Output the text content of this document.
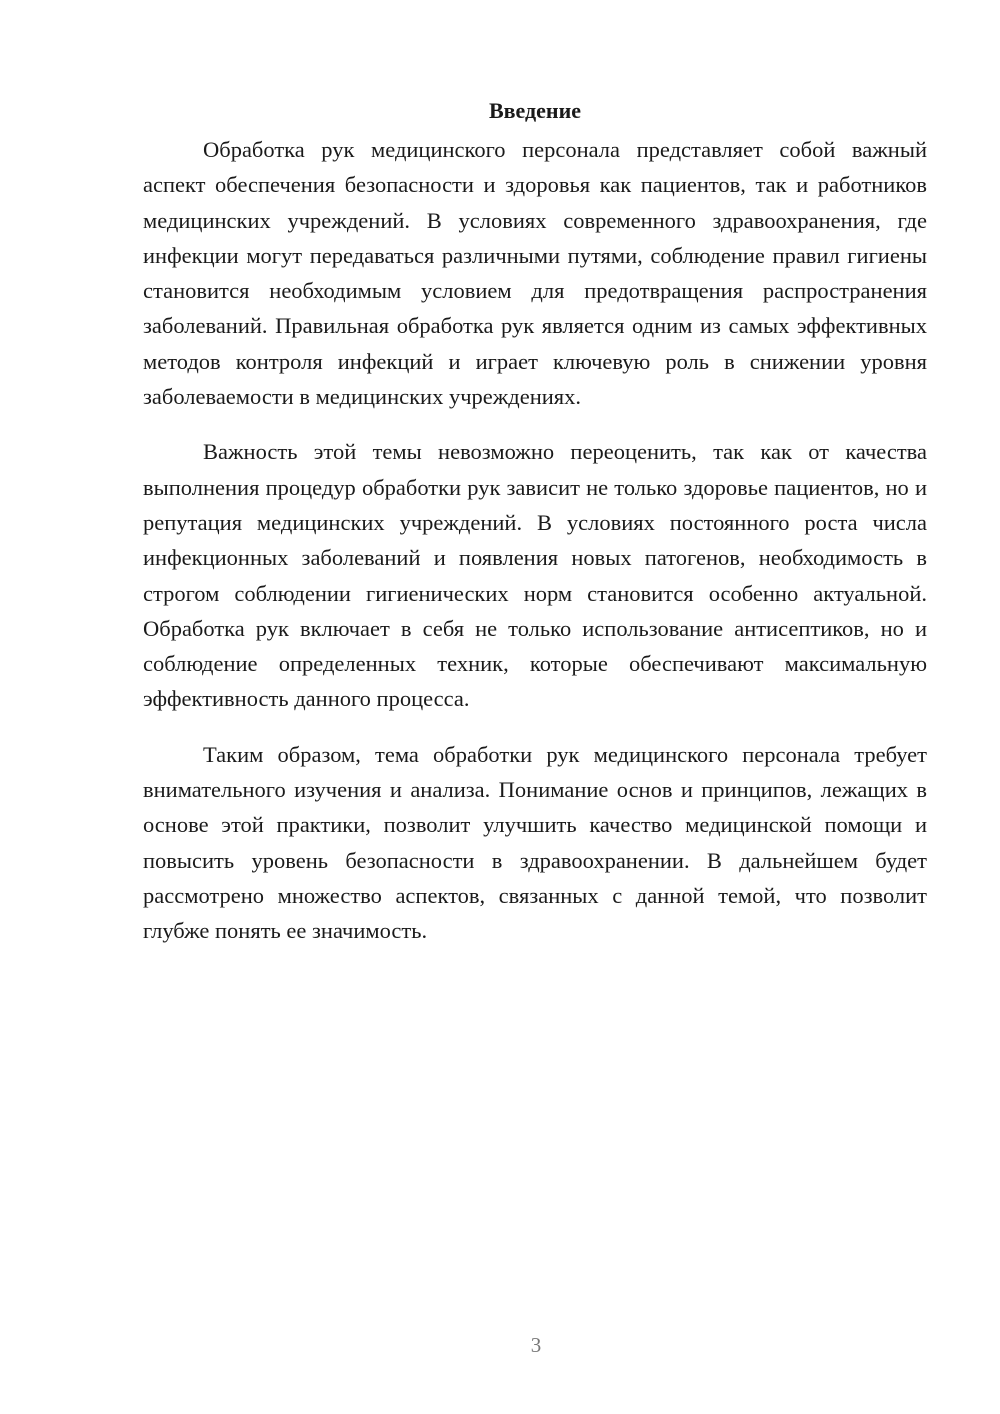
Введение

Обработка рук медицинского персонала представляет собой важный аспект обеспечения безопасности и здоровья как пациентов, так и работников медицинских учреждений. В условиях современного здравоохранения, где инфекции могут передаваться различными путями, соблюдение правил гигиены становится необходимым условием для предотвращения распространения заболеваний. Правильная обработка рук является одним из самых эффективных методов контроля инфекций и играет ключевую роль в снижении уровня заболеваемости в медицинских учреждениях.

Важность этой темы невозможно переоценить, так как от качества выполнения процедур обработки рук зависит не только здоровье пациентов, но и репутация медицинских учреждений. В условиях постоянного роста числа инфекционных заболеваний и появления новых патогенов, необходимость в строгом соблюдении гигиенических норм становится особенно актуальной. Обработка рук включает в себя не только использование антисептиков, но и соблюдение определенных техник, которые обеспечивают максимальную эффективность данного процесса.

Таким образом, тема обработки рук медицинского персонала требует внимательного изучения и анализа. Понимание основ и принципов, лежащих в основе этой практики, позволит улучшить качество медицинской помощи и повысить уровень безопасности в здравоохранении. В дальнейшем будет рассмотрено множество аспектов, связанных с данной темой, что позволит глубже понять ее значимость.

3
